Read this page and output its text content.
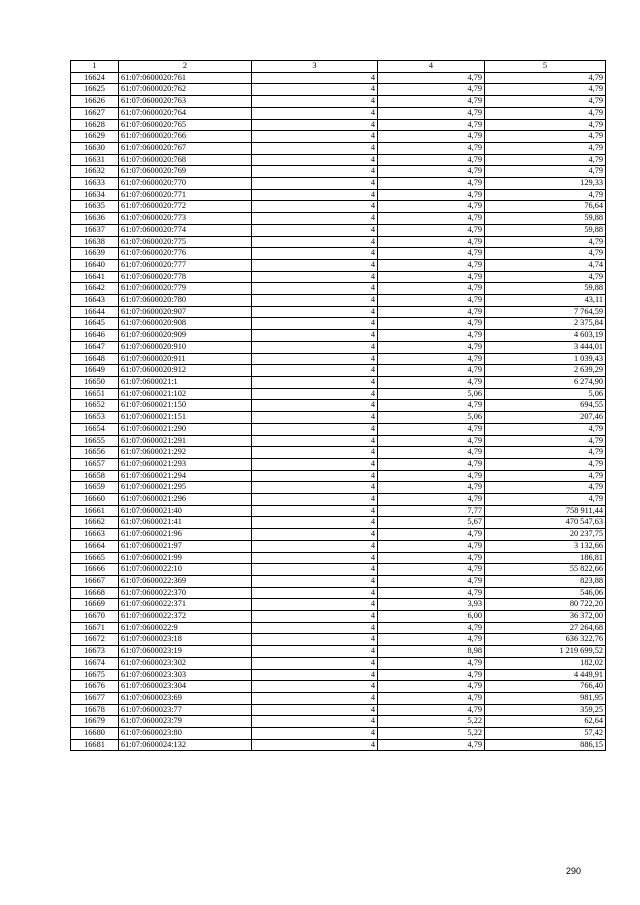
1	2	3	4	5
16624	61:07:0600020:761	4	4,79	4,79
16625	61:07:0600020:762	4	4,79	4,79
16626	61:07:0600020:763	4	4,79	4,79
16627	61:07:0600020:764	4	4,79	4,79
16628	61:07:0600020:765	4	4,79	4,79
16629	61:07:0600020:766	4	4,79	4,79
16630	61:07:0600020:767	4	4,79	4,79
16631	61:07:0600020:768	4	4,79	4,79
16632	61:07:0600020:769	4	4,79	4,79
16633	61:07:0600020:770	4	4,79	129,33
16634	61:07:0600020:771	4	4,79	4,79
16635	61:07:0600020:772	4	4,79	76,64
16636	61:07:0600020:773	4	4,79	59,88
16637	61:07:0600020:774	4	4,79	59,88
16638	61:07:0600020:775	4	4,79	4,79
16639	61:07:0600020:776	4	4,79	4,79
16640	61:07:0600020:777	4	4,79	4,74
16641	61:07:0600020:778	4	4,79	4,79
16642	61:07:0600020:779	4	4,79	59,88
16643	61:07:0600020:780	4	4,79	43,11
16644	61:07:0600020:907	4	4,79	7 764,59
16645	61:07:0600020:908	4	4,79	2 375,84
16646	61:07:0600020:909	4	4,79	4 603,19
16647	61:07:0600020:910	4	4,79	3 444,01
16648	61:07:0600020:911	4	4,79	1 039,43
16649	61:07:0600020:912	4	4,79	2 639,29
16650	61:07:0600021:1	4	4,79	6 274,90
16651	61:07:0600021:102	4	5,06	5,06
16652	61:07:0600021:150	4	4,79	694,55
16653	61:07:0600021:151	4	5,06	207,46
16654	61:07:0600021:290	4	4,79	4,79
16655	61:07:0600021:291	4	4,79	4,79
16656	61:07:0600021:292	4	4,79	4,79
16657	61:07:0600021:293	4	4,79	4,79
16658	61:07:0600021:294	4	4,79	4,79
16659	61:07:0600021:295	4	4,79	4,79
16660	61:07:0600021:296	4	4,79	4,79
16661	61:07:0600021:40	4	7,77	758 911,44
16662	61:07:0600021:41	4	5,67	470 547,63
16663	61:07:0600021:96	4	4,79	20 237,75
16664	61:07:0600021:97	4	4,79	3 132,66
16665	61:07:0600021:99	4	4,79	186,81
16666	61:07:0600022:10	4	4,79	55 822,66
16667	61:07:0600022:369	4	4,79	823,88
16668	61:07:0600022:370	4	4,79	546,06
16669	61:07:0600022:371	4	3,93	80 722,20
16670	61:07:0600022:372	4	6,00	36 372,00
16671	61:07:0600022:9	4	4,79	27 264,68
16672	61:07:0600023:18	4	4,79	636 322,76
16673	61:07:0600023:19	4	8,98	1 219 699,52
16674	61:07:0600023:302	4	4,79	182,02
16675	61:07:0600023:303	4	4,79	4 449,91
16676	61:07:0600023:304	4	4,79	766,40
16677	61:07:0600023:69	4	4,79	981,95
16678	61:07:0600023:77	4	4,79	359,25
16679	61:07:0600023:79	4	5,22	62,64
16680	61:07:0600023:80	4	5,22	57,42
16681	61:07:0600024:132	4	4,79	886,15
290
